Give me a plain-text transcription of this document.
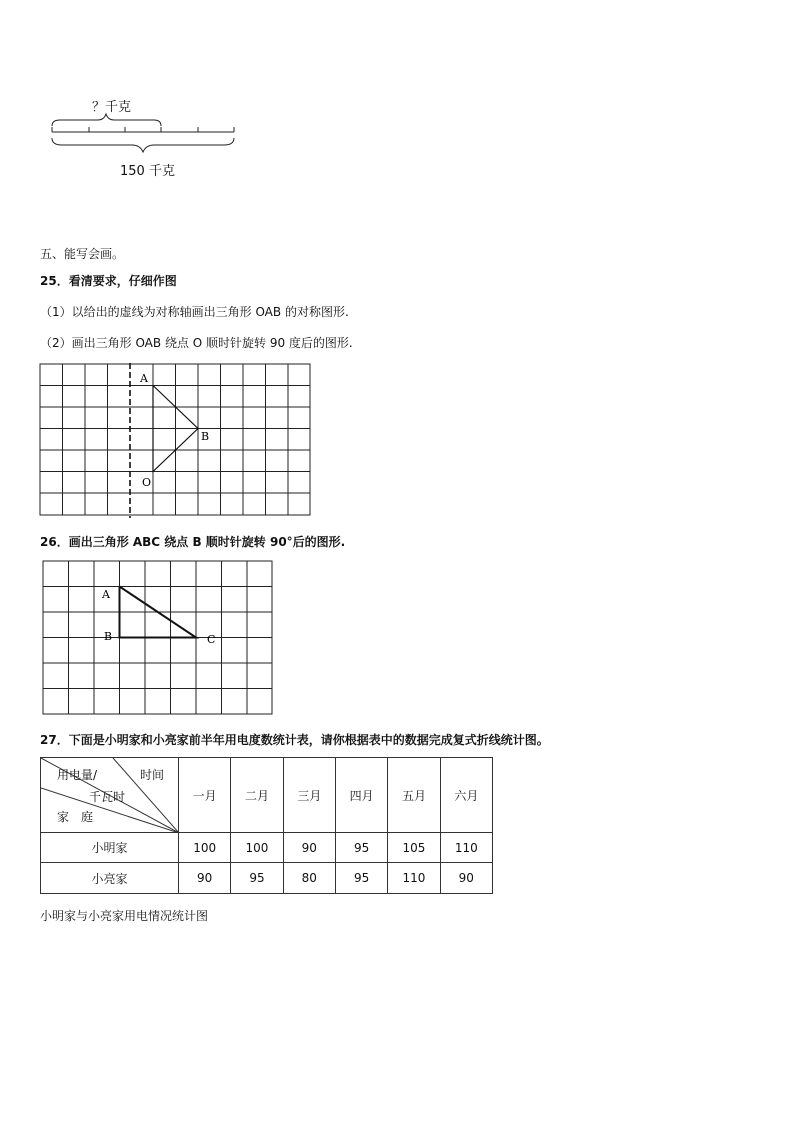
？千克
150 千克
五、能写会画。
25．看清要求，仔细作图
（1）以给出的虚线为对称轴画出三角形 OAB 的对称图形.
（2）画出三角形 OAB 绕点 O 顺时针旋转 90 度后的图形.
A
B
O
26．画出三角形 ABC 绕点 B 顺时针旋转 90°后的图形.
A
B	C
27．下面是小明家和小亮家前半年用电度数统计表，请你根据表中的数据完成复式折线统计图。
用电量/ 时间
千瓦时
家　庭	一月	二月	三月	四月	五月	六月
小明家	100	100	90	95	105	110
小亮家	90	95	80	95	110	90
小明家与小亮家用电情况统计图
